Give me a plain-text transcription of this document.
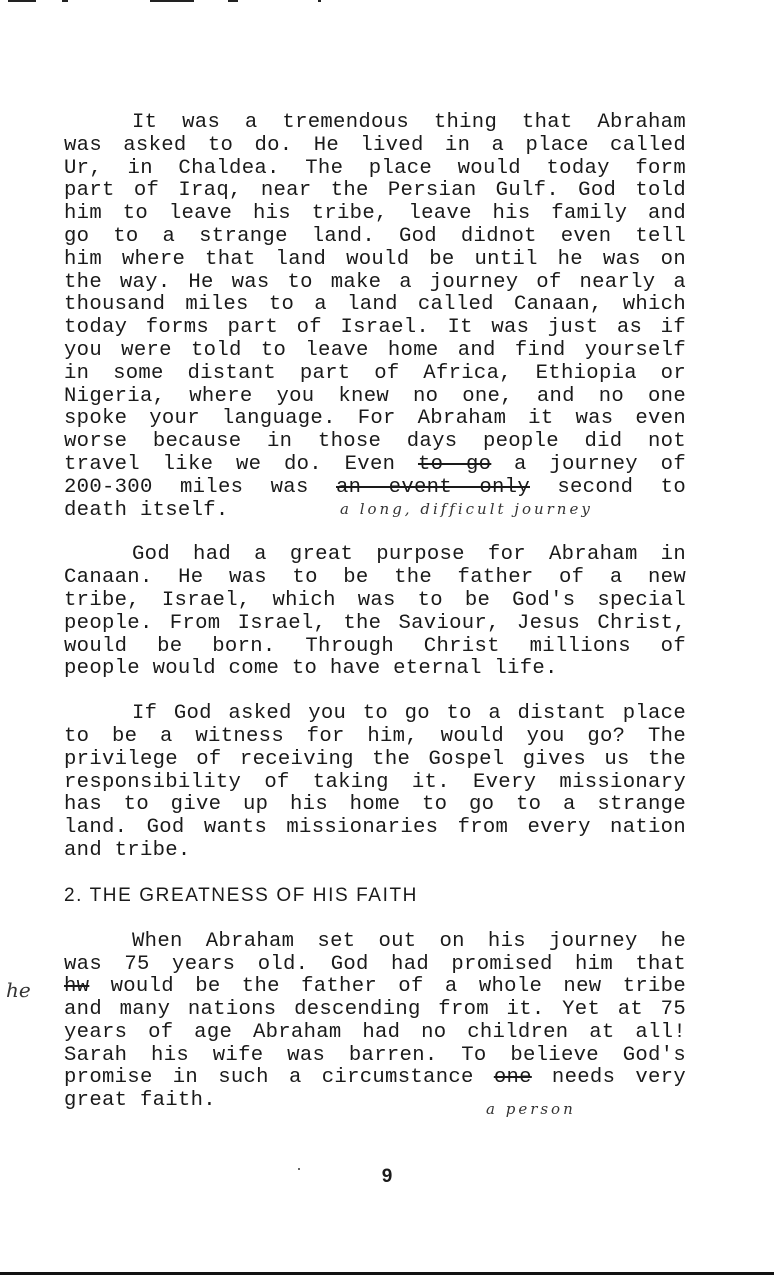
It was a tremendous thing that Abraham
was asked to do. He lived in a place called
Ur, in Chaldea. The place would today form
part of Iraq, near the Persian Gulf. God told
him to leave his tribe, leave his family and
go to a strange land. God didnot even tell
him where that land would be until he was on
the way. He was to make a journey of nearly a
thousand miles to a land called Canaan, which
today forms part of Israel. It was just as if
you were told to leave home and find yourself
in some distant part of Africa, Ethiopia or
Nigeria, where you knew no one, and no one
spoke your language. For Abraham it was even
worse because in those days people did not
travel like we do. Even to go a journey of
200-300 miles was an event only second to
death itself.	a long, difficult journey
God had a great purpose for Abraham in
Canaan. He was to be the father of a new
tribe, Israel, which was to be God's special
people. From Israel, the Saviour, Jesus Christ,
would be born. Through Christ millions of
people would come to have eternal life.
If God asked you to go to a distant place
to be a witness for him, would you go? The
privilege of receiving the Gospel gives us the
responsibility of taking it. Every missionary
has to give up his home to go to a strange
land. God wants missionaries from every nation
and tribe.
2. THE GREATNESS OF HIS FAITH
When Abraham set out on his journey he
was 75 years old. God had promised him that
hw would be the father of a whole new tribe
and many nations descending from it. Yet at 75
years of age Abraham had no children at all!
Sarah his wife was barren. To believe God's
promise in such a circumstance one needs very
great faith.
he
a person
9
